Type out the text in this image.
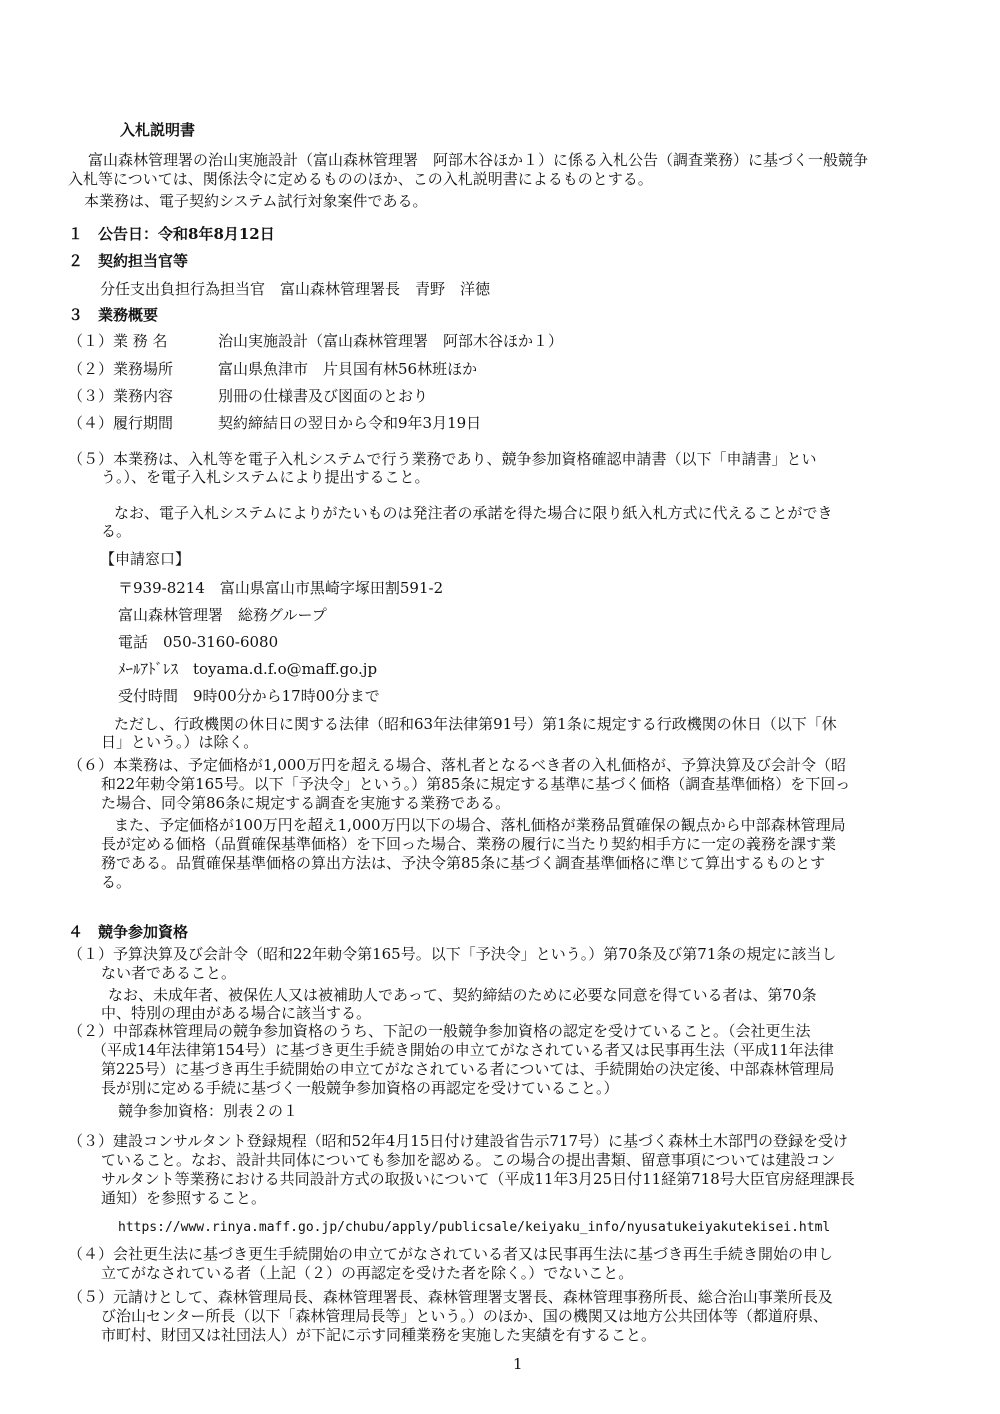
入札説明書
富山森林管理署の治山実施設計（富山森林管理署　阿部木谷ほか１）に係る入札公告（調査業務）に基づく一般競争
入札等については、関係法令に定めるもののほか、この入札説明書によるものとする。
本業務は、電子契約システム試行対象案件である。
１　公告日：令和8年8月12日
２　契約担当官等
分任支出負担行為担当官　富山森林管理署長　青野　洋徳
３　業務概要
（１）業 務 名	治山実施設計（富山森林管理署　阿部木谷ほか１）
（２）業務場所	富山県魚津市　片貝国有林56林班ほか
（３）業務内容	別冊の仕様書及び図面のとおり
（４）履行期間	契約締結日の翌日から令和9年3月19日
（５）本業務は、入札等を電子入札システムで行う業務であり、競争参加資格確認申請書（以下「申請書」とい
う。）、を電子入札システムにより提出すること。
なお、電子入札システムによりがたいものは発注者の承諾を得た場合に限り紙入札方式に代えることができ
る。
【申請窓口】
〒939-8214　富山県富山市黒崎字塚田割591-2
富山森林管理署　総務グループ
電話　050-3160-6080
ﾒｰﾙｱﾄﾞﾚｽ　toyama.d.f.o@maff.go.jp
受付時間　9時00分から17時00分まで
ただし、行政機関の休日に関する法律（昭和63年法律第91号）第1条に規定する行政機関の休日（以下「休
日」という。）は除く。
（６）本業務は、予定価格が1,000万円を超える場合、落札者となるべき者の入札価格が、予算決算及び会計令（昭
和22年勅令第165号。以下「予決令」という。）第85条に規定する基準に基づく価格（調査基準価格）を下回っ
た場合、同令第86条に規定する調査を実施する業務である。
また、予定価格が100万円を超え1,000万円以下の場合、落札価格が業務品質確保の観点から中部森林管理局
長が定める価格（品質確保基準価格）を下回った場合、業務の履行に当たり契約相手方に一定の義務を課す業
務である。品質確保基準価格の算出方法は、予決令第85条に基づく調査基準価格に準じて算出するものとす
る。
４　競争参加資格
（１）予算決算及び会計令（昭和22年勅令第165号。以下「予決令」という。）第70条及び第71条の規定に該当し
ない者であること。
なお、未成年者、被保佐人又は被補助人であって、契約締結のために必要な同意を得ている者は、第70条
中、特別の理由がある場合に該当する。
（２）中部森林管理局の競争参加資格のうち、下記の一般競争参加資格の認定を受けていること。（会社更生法
（平成14年法律第154号）に基づき更生手続き開始の申立てがなされている者又は民事再生法（平成11年法律
第225号）に基づき再生手続開始の申立てがなされている者については、手続開始の決定後、中部森林管理局
長が別に定める手続に基づく一般競争参加資格の再認定を受けていること。）
競争参加資格：別表２の１
（３）建設コンサルタント登録規程（昭和52年4月15日付け建設省告示717号）に基づく森林土木部門の登録を受け
ていること。なお、設計共同体についても参加を認める。この場合の提出書類、留意事項については建設コン
サルタント等業務における共同設計方式の取扱いについて（平成11年3月25日付11経第718号大臣官房経理課長
通知）を参照すること。
https://www.rinya.maff.go.jp/chubu/apply/publicsale/keiyaku_info/nyusatukeiyakutekisei.html
（４）会社更生法に基づき更生手続開始の申立てがなされている者又は民事再生法に基づき再生手続き開始の申し
立てがなされている者（上記（２）の再認定を受けた者を除く。）でないこと。
（５）元請けとして、森林管理局長、森林管理署長、森林管理署支署長、森林管理事務所長、総合治山事業所長及
び治山センター所長（以下「森林管理局長等」という。）のほか、国の機関又は地方公共団体等（都道府県、
市町村、財団又は社団法人）が下記に示す同種業務を実施した実績を有すること。
1
